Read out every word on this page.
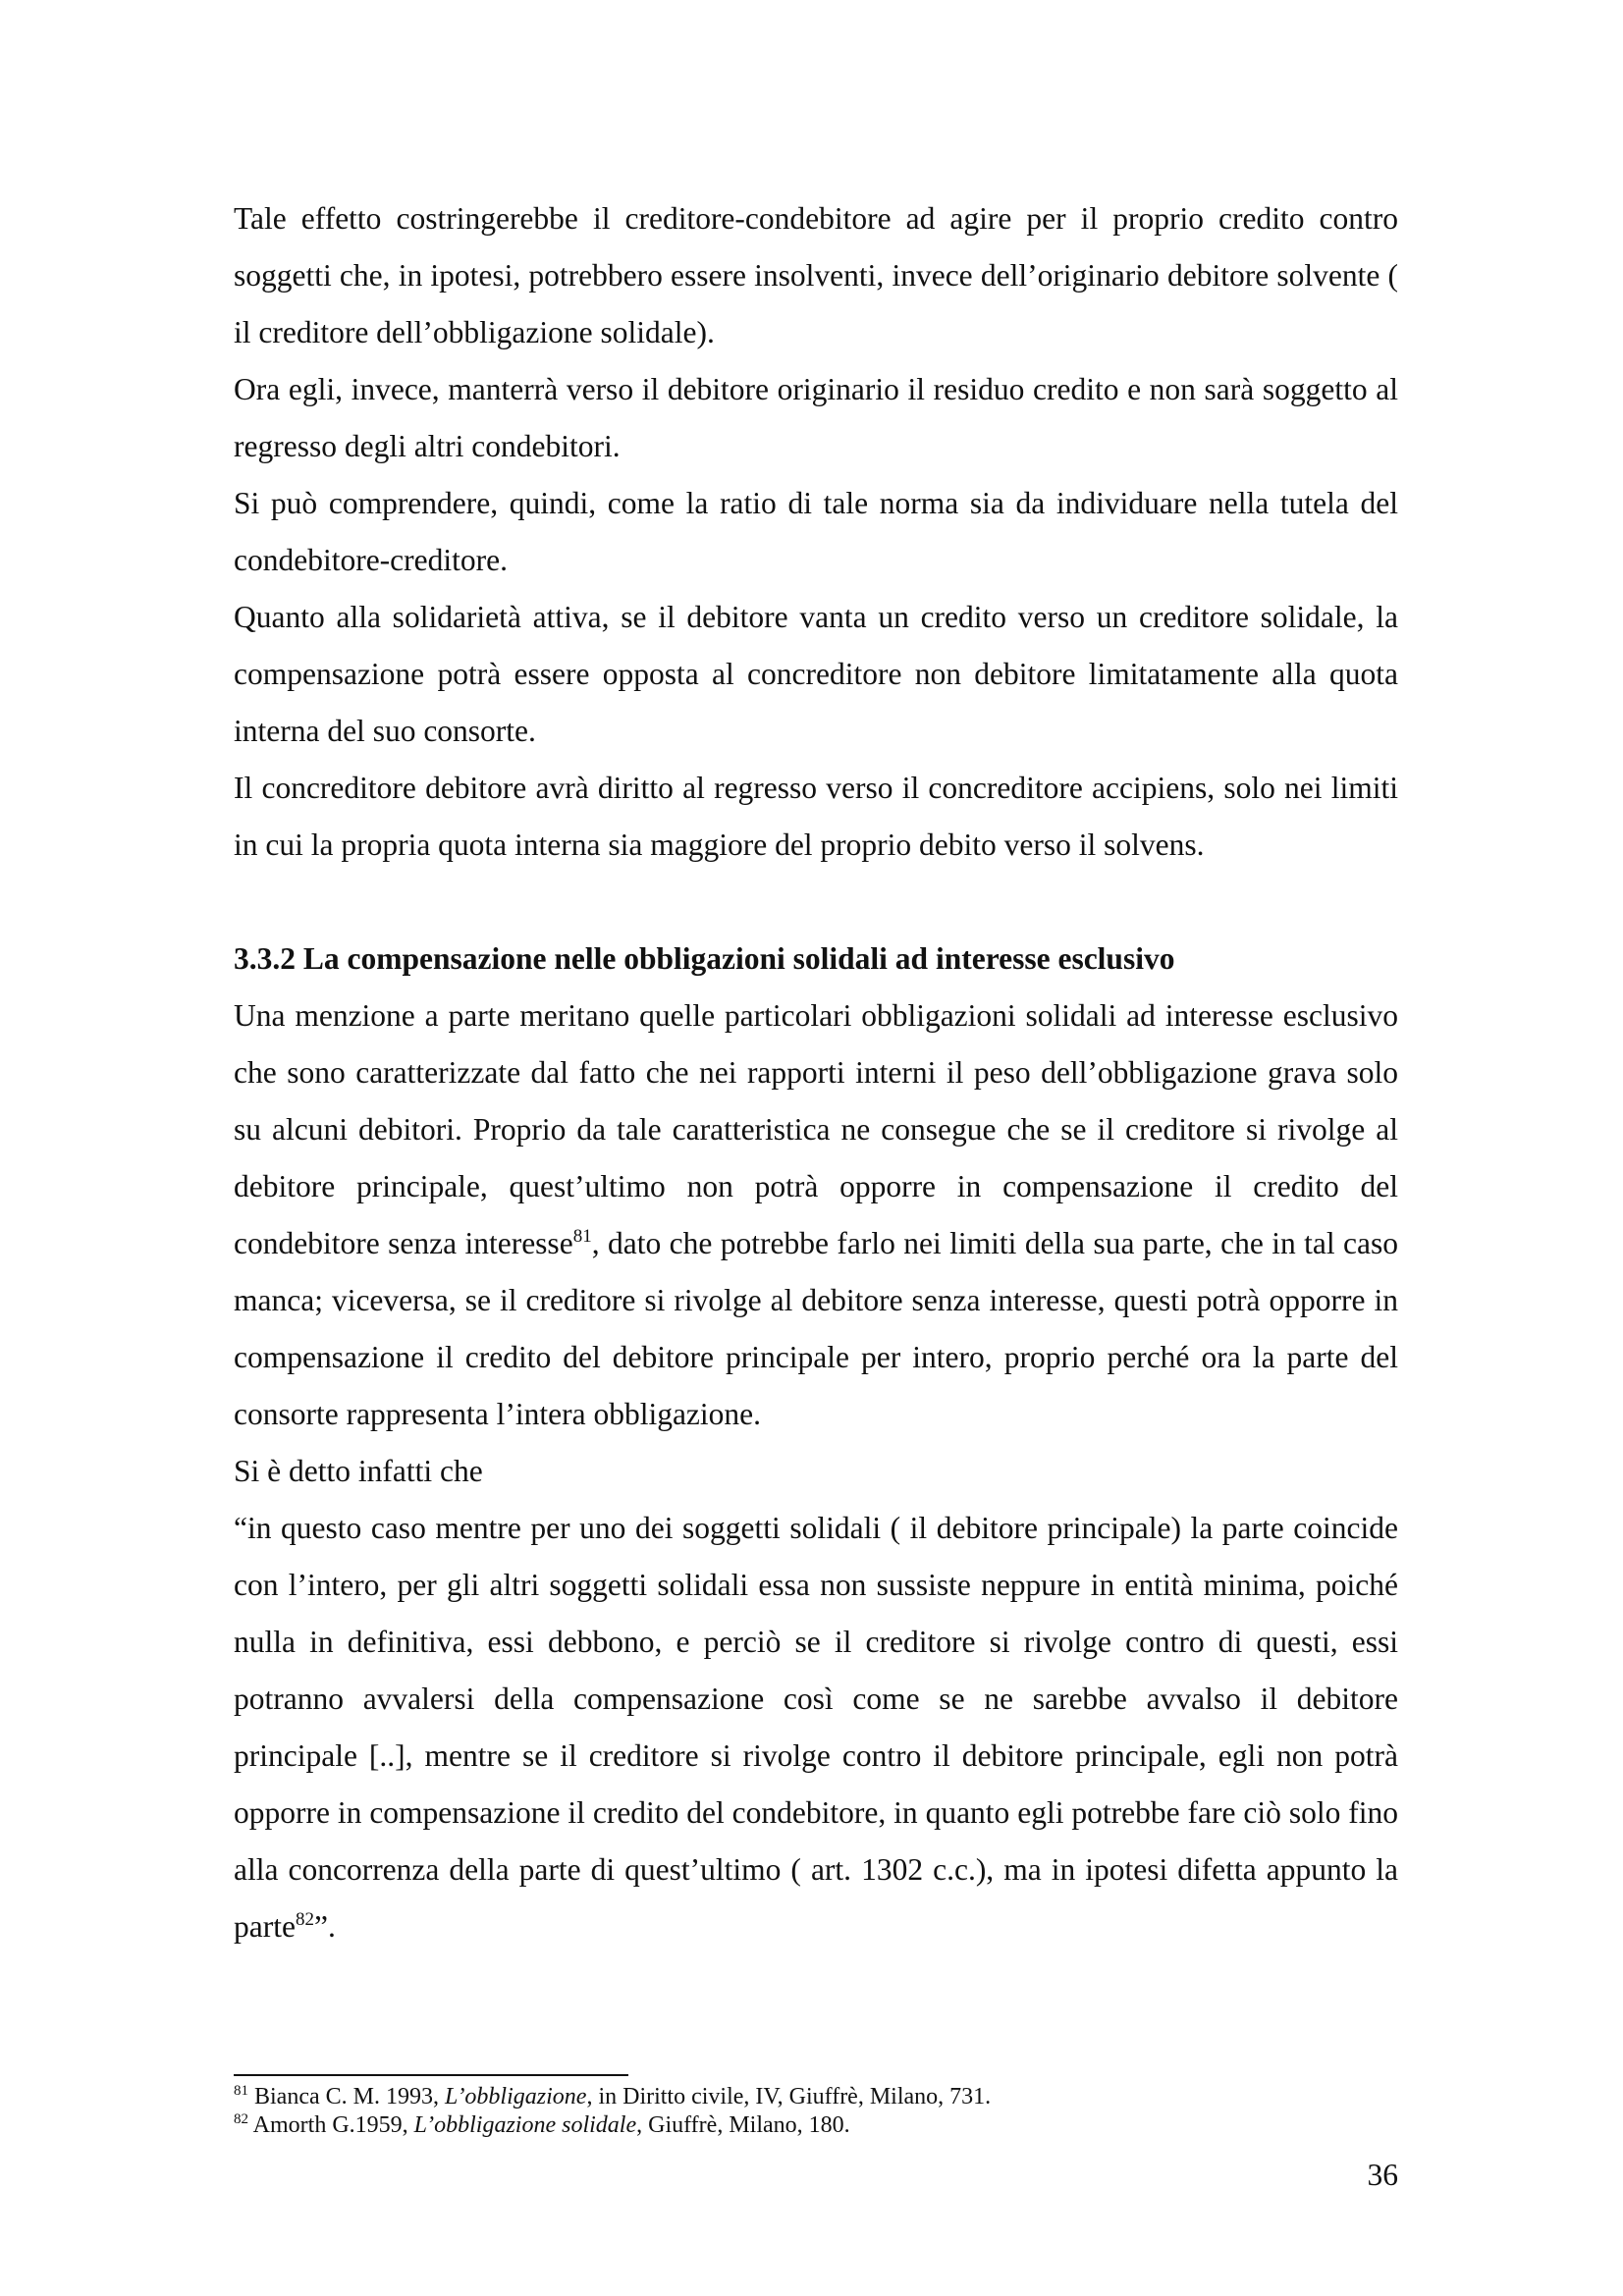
Tale effetto costringerebbe il creditore-condebitore ad agire per il proprio credito contro soggetti che, in ipotesi, potrebbero essere insolventi, invece dell’originario debitore solvente ( il creditore dell’obbligazione solidale).

Ora egli, invece, manterrà verso il debitore originario il residuo credito e non sarà soggetto al regresso degli altri condebitori.

Si può comprendere, quindi, come la ratio di tale norma sia da individuare nella tutela del condebitore-creditore.

Quanto alla solidarietà attiva, se il debitore vanta un credito verso un creditore solidale, la compensazione potrà essere opposta al concreditore non debitore limitatamente alla quota interna del suo consorte.

Il concreditore debitore avrà diritto al regresso verso il concreditore accipiens, solo nei limiti in cui la propria quota interna sia maggiore del proprio debito verso il solvens.

3.3.2 La compensazione nelle obbligazioni solidali ad interesse esclusivo

Una menzione a parte meritano quelle particolari obbligazioni solidali ad interesse esclusivo che sono caratterizzate dal fatto che nei rapporti interni il peso dell’obbligazione grava solo su alcuni debitori. Proprio da tale caratteristica ne consegue che se il creditore si rivolge al debitore principale, quest’ultimo non potrà opporre in compensazione il credito del condebitore senza interesse$^{81}$, dato che potrebbe farlo nei limiti della sua parte, che in tal caso manca; viceversa, se il creditore si rivolge al debitore senza interesse, questi potrà opporre in compensazione il credito del debitore principale per intero, proprio perché ora la parte del consorte rappresenta l’intera obbligazione.

Si è detto infatti che

“in questo caso mentre per uno dei soggetti solidali ( il debitore principale) la parte coincide con l’intero, per gli altri soggetti solidali essa non sussiste neppure in entità minima, poiché nulla in definitiva, essi debbono, e perciò se il creditore si rivolge contro di questi, essi potranno avvalersi della compensazione così come se ne sarebbe avvalso il debitore principale [..], mentre se il creditore si rivolge contro il debitore principale, egli non potrà opporre in compensazione il credito del condebitore, in quanto egli potrebbe fare ciò solo fino alla concorrenza della parte di quest’ultimo ( art. 1302 c.c.), ma in ipotesi difetta appunto la parte$^{82}$”.

$^{81}$ Bianca C. M. 1993, L’obbligazione, in Diritto civile, IV, Giuffrè, Milano, 731.

$^{82}$ Amorth G.1959, L’obbligazione solidale, Giuffrè, Milano, 180.

36
